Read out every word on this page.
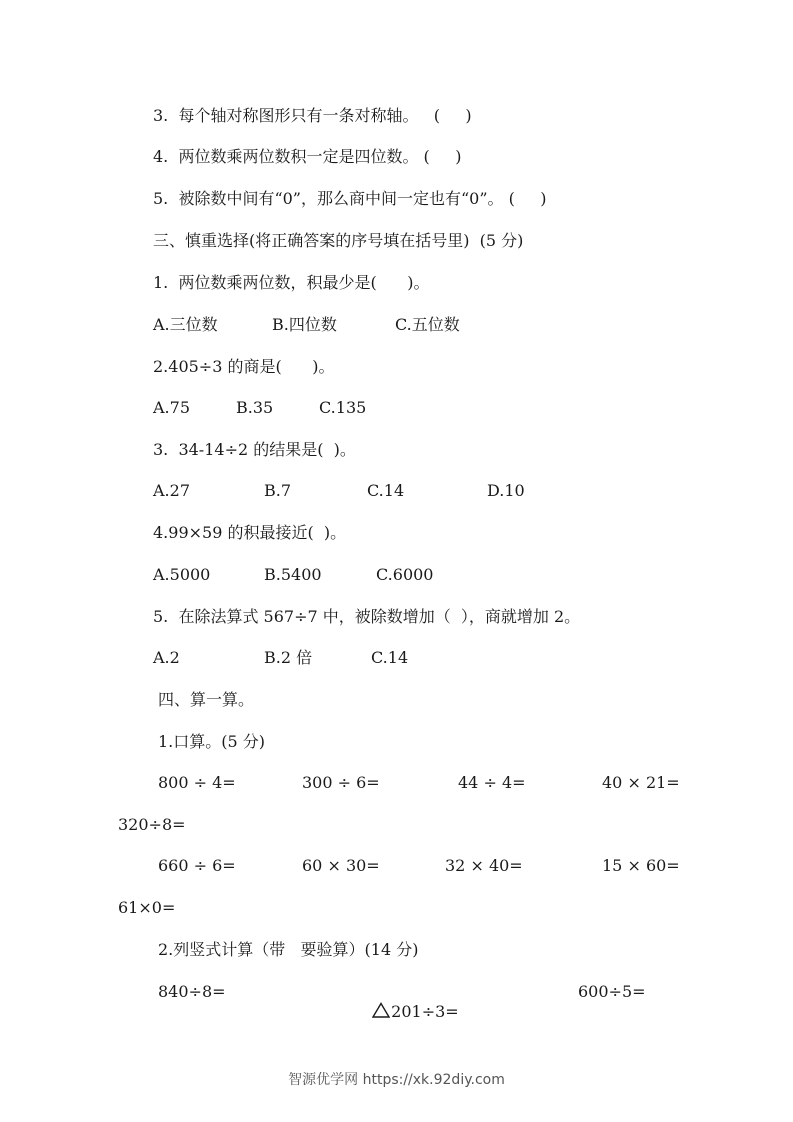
3.  每个轴对称图形只有一条对称轴。   (     )
4.  两位数乘两位数积一定是四位数。 (     )
5.  被除数中间有“0”，那么商中间一定也有“0”。 (     )
三、慎重选择(将正确答案的序号填在括号里)  (5 分)
1.  两位数乘两位数，积最少是(      )。
A.三位数	B.四位数	C.五位数
2.405÷3 的商是(      )。
A.75	B.35	C.135
3.  34-14÷2 的结果是(  )。
A.27	B.7	C.14	D.10
4.99×59 的积最接近(  )。
A.5000	B.5400	C.6000
5.  在除法算式 567÷7 中，被除数增加（  ），商就增加 2。
A.2	B.2 倍	C.14
四、算一算。
1.口算。(5 分)
800 ÷ 4=	300 ÷ 6=	44 ÷ 4=	40 × 21=
320÷8=
660 ÷ 6=	60 × 30=	32 × 40=	15 × 60=
61×0=
2.列竖式计算（带   要验算）(14 分)
840÷8=

201÷3=

600÷5=
智源优学网 https://xk.92diy.com
